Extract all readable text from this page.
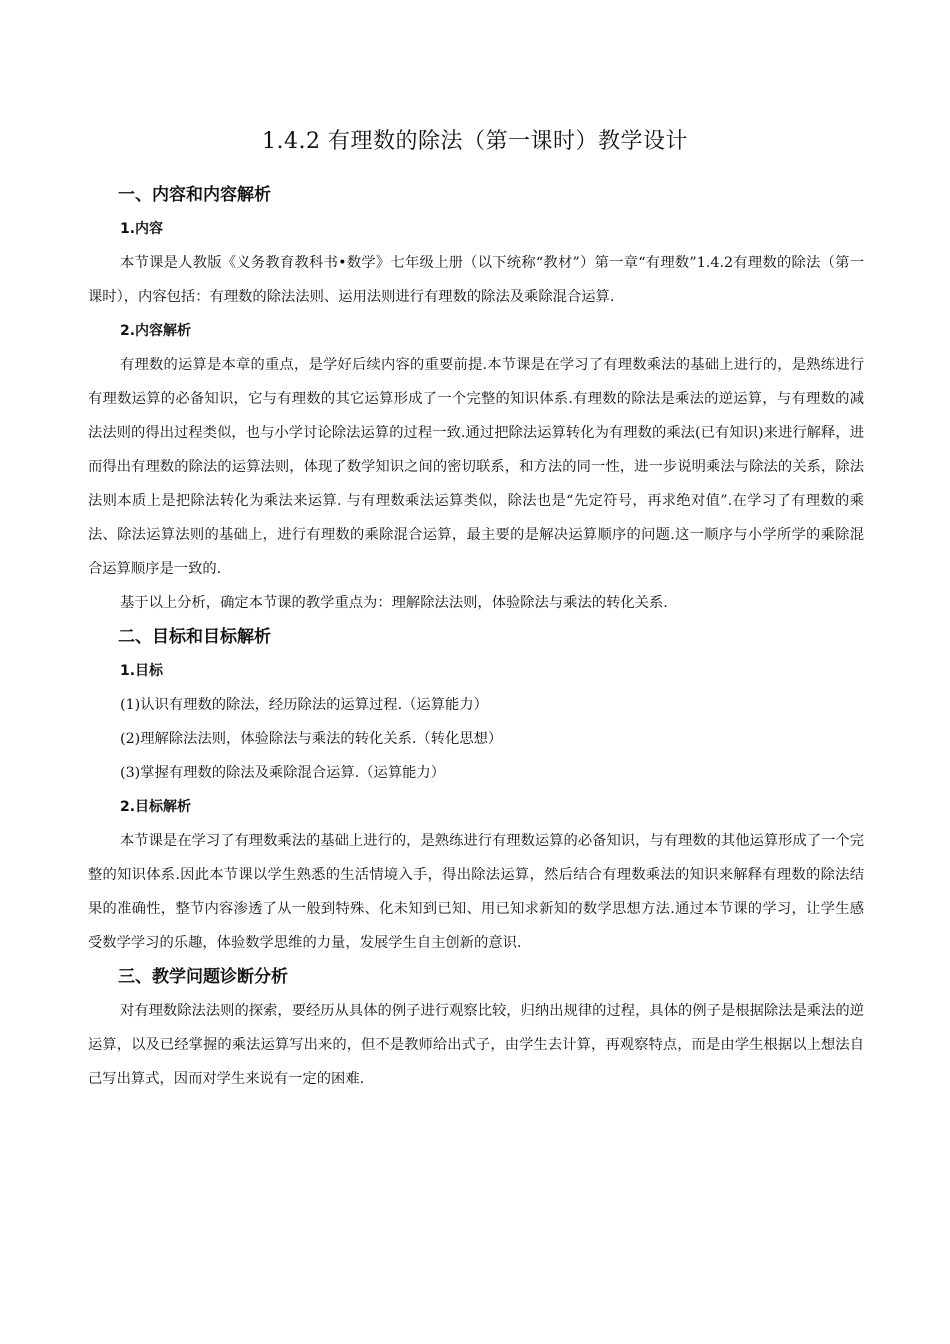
1.4.2 有理数的除法（第一课时）教学设计
一、内容和内容解析
1.内容

本节课是人教版《义务教育教科书•数学》七年级上册（以下统称“教材”）第一章“有理数”1.4.2有理数的除法（第一课时），内容包括：有理数的除法法则、运用法则进行有理数的除法及乘除混合运算.

2.内容解析

有理数的运算是本章的重点，是学好后续内容的重要前提.本节课是在学习了有理数乘法的基础上进行的，是熟练进行有理数运算的必备知识，它与有理数的其它运算形成了一个完整的知识体系.有理数的除法是乘法的逆运算，与有理数的减法法则的得出过程类似，也与小学讨论除法运算的过程一致.通过把除法运算转化为有理数的乘法(已有知识)来进行解释，进而得出有理数的除法的运算法则，体现了数学知识之间的密切联系，和方法的同一性，进一步说明乘法与除法的关系，除法法则本质上是把除法转化为乘法来运算. 与有理数乘法运算类似，除法也是“先定符号，再求绝对值”.在学习了有理数的乘法、除法运算法则的基础上，进行有理数的乘除混合运算，最主要的是解决运算顺序的问题.这一顺序与小学所学的乘除混合运算顺序是一致的.

基于以上分析，确定本节课的教学重点为：理解除法法则，体验除法与乘法的转化关系.

二、目标和目标解析
1.目标

(1)认识有理数的除法，经历除法的运算过程.（运算能力）

(2)理解除法法则，体验除法与乘法的转化关系.（转化思想）

(3)掌握有理数的除法及乘除混合运算.（运算能力）

2.目标解析

本节课是在学习了有理数乘法的基础上进行的，是熟练进行有理数运算的必备知识，与有理数的其他运算形成了一个完整的知识体系.因此本节课以学生熟悉的生活情境入手，得出除法运算，然后结合有理数乘法的知识来解释有理数的除法结果的准确性，整节内容渗透了从一般到特殊、化未知到已知、用已知求新知的数学思想方法.通过本节课的学习，让学生感受数学学习的乐趣，体验数学思维的力量，发展学生自主创新的意识.

三、教学问题诊断分析

对有理数除法法则的探索，要经历从具体的例子进行观察比较，归纳出规律的过程，具体的例子是根据除法是乘法的逆运算，以及已经掌握的乘法运算写出来的，但不是教师给出式子，由学生去计算，再观察特点，而是由学生根据以上想法自己写出算式，因而对学生来说有一定的困难.
